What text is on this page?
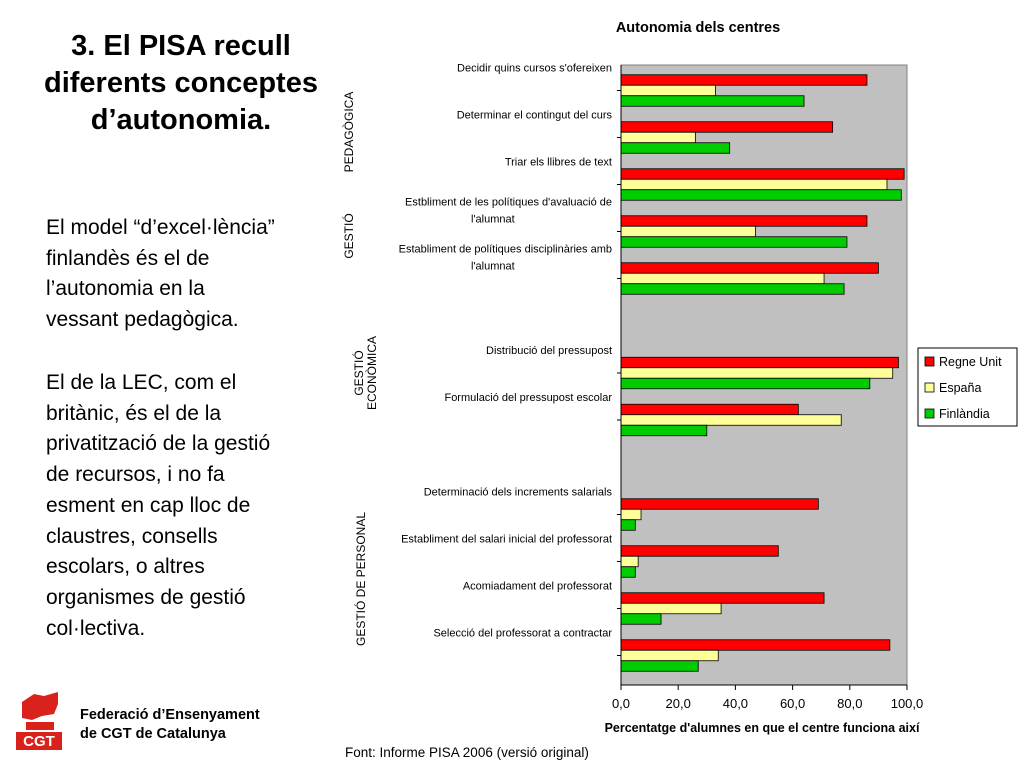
3. El PISA recull
diferents conceptes
d’autonomia.
El model “d’excel·lència”
finlandès és el de
l’autonomia en la
vessant pedagògica.
El de la LEC, com el
britànic, és el de la
privatització de la gestió
de recursos, i no fa
esment en cap lloc de
claustres, consells
escolars, o altres
organismes de gestió
col·lectiva.
CGT
Federació d’Ensenyament
de CGT de Catalunya
Font: Informe PISA 2006 (versió original)
Autonomia dels centres
Decidir quins cursos s'ofereixen
Determinar el contingut del curs
Triar els llibres de text
Estbliment de les polítiques d'avaluació de l'alumnat
Establiment de polítiques disciplinàries amb l'alumnat
Distribució del pressupost
Formulació del pressupost escolar
Determinació dels increments salarials
Establiment del salari inicial del professorat
Acomiadament del professorat
Selecció del professorat a contractar
PEDAGÒGICA
GESTIÓ
GESTIÓ ECONÒMICA
GESTIÓ DE PERSONAL
0,0	20,0 40,0 60,0 80,0 100,0
Percentatge d'alumnes en que el centre funciona així
Regne Unit
España
Finlàndia
